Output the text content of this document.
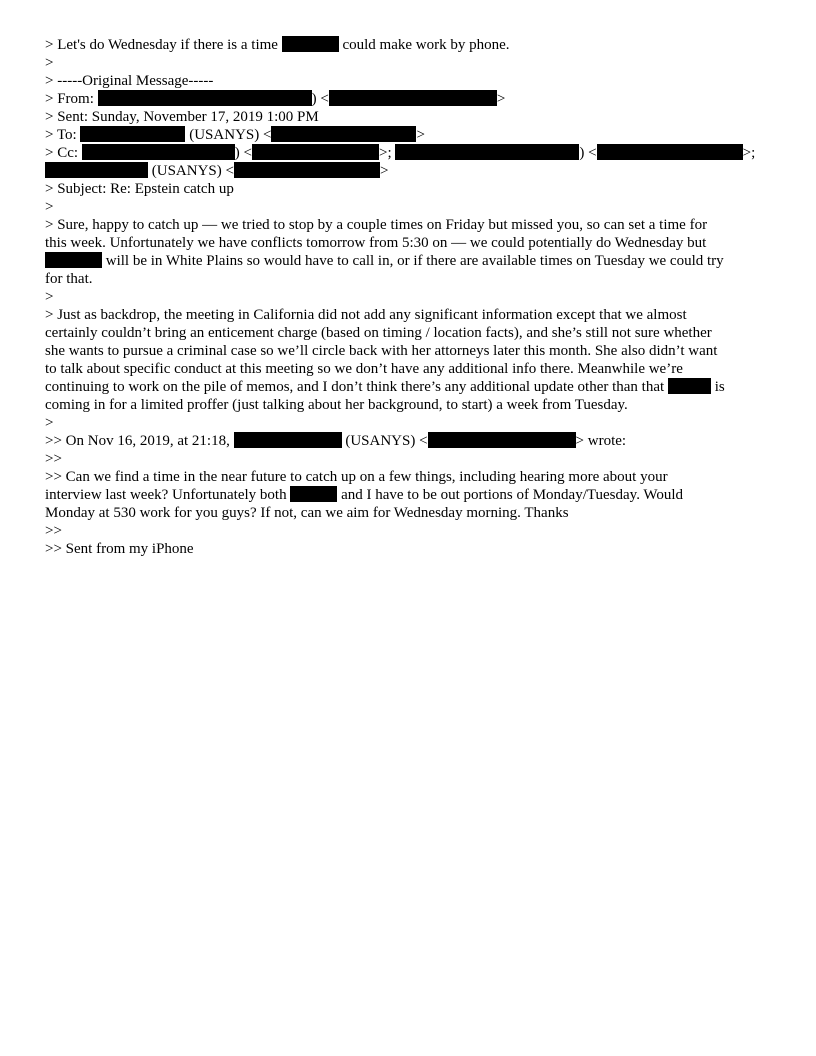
> Let's do Wednesday if there is a time	could make work by phone.
>
> -----Original Message-----
> From:	) <	>
> Sent: Sunday, November 17, 2019 1:00 PM
> To:	(USANYS) <	>
> Cc:	) <	>;	) <	>;
(USANYS) <	>
> Subject: Re: Epstein catch up
>
> Sure, happy to catch up — we tried to stop by a couple times on Friday but missed you, so can set a time for
this week. Unfortunately we have conflicts tomorrow from 5:30 on — we could potentially do Wednesday but
will be in White Plains so would have to call in, or if there are available times on Tuesday we could try
for that.
>
> Just as backdrop, the meeting in California did not add any significant information except that we almost
certainly couldn’t bring an enticement charge (based on timing / location facts), and she’s still not sure whether
she wants to pursue a criminal case so we’ll circle back with her attorneys later this month. She also didn’t want
to talk about specific conduct at this meeting so we don’t have any additional info there. Meanwhile we’re
continuing to work on the pile of memos, and I don’t think there’s any additional update other than that	is
coming in for a limited proffer (just talking about her background, to start) a week from Tuesday.
>
>> On Nov 16, 2019, at 21:18,	(USANYS) <	> wrote:
>>
>> Can we find a time in the near future to catch up on a few things, including hearing more about your
interview last week? Unfortunately both	and I have to be out portions of Monday/Tuesday. Would
Monday at 530 work for you guys? If not, can we aim for Wednesday morning. Thanks
>>
>> Sent from my iPhone
